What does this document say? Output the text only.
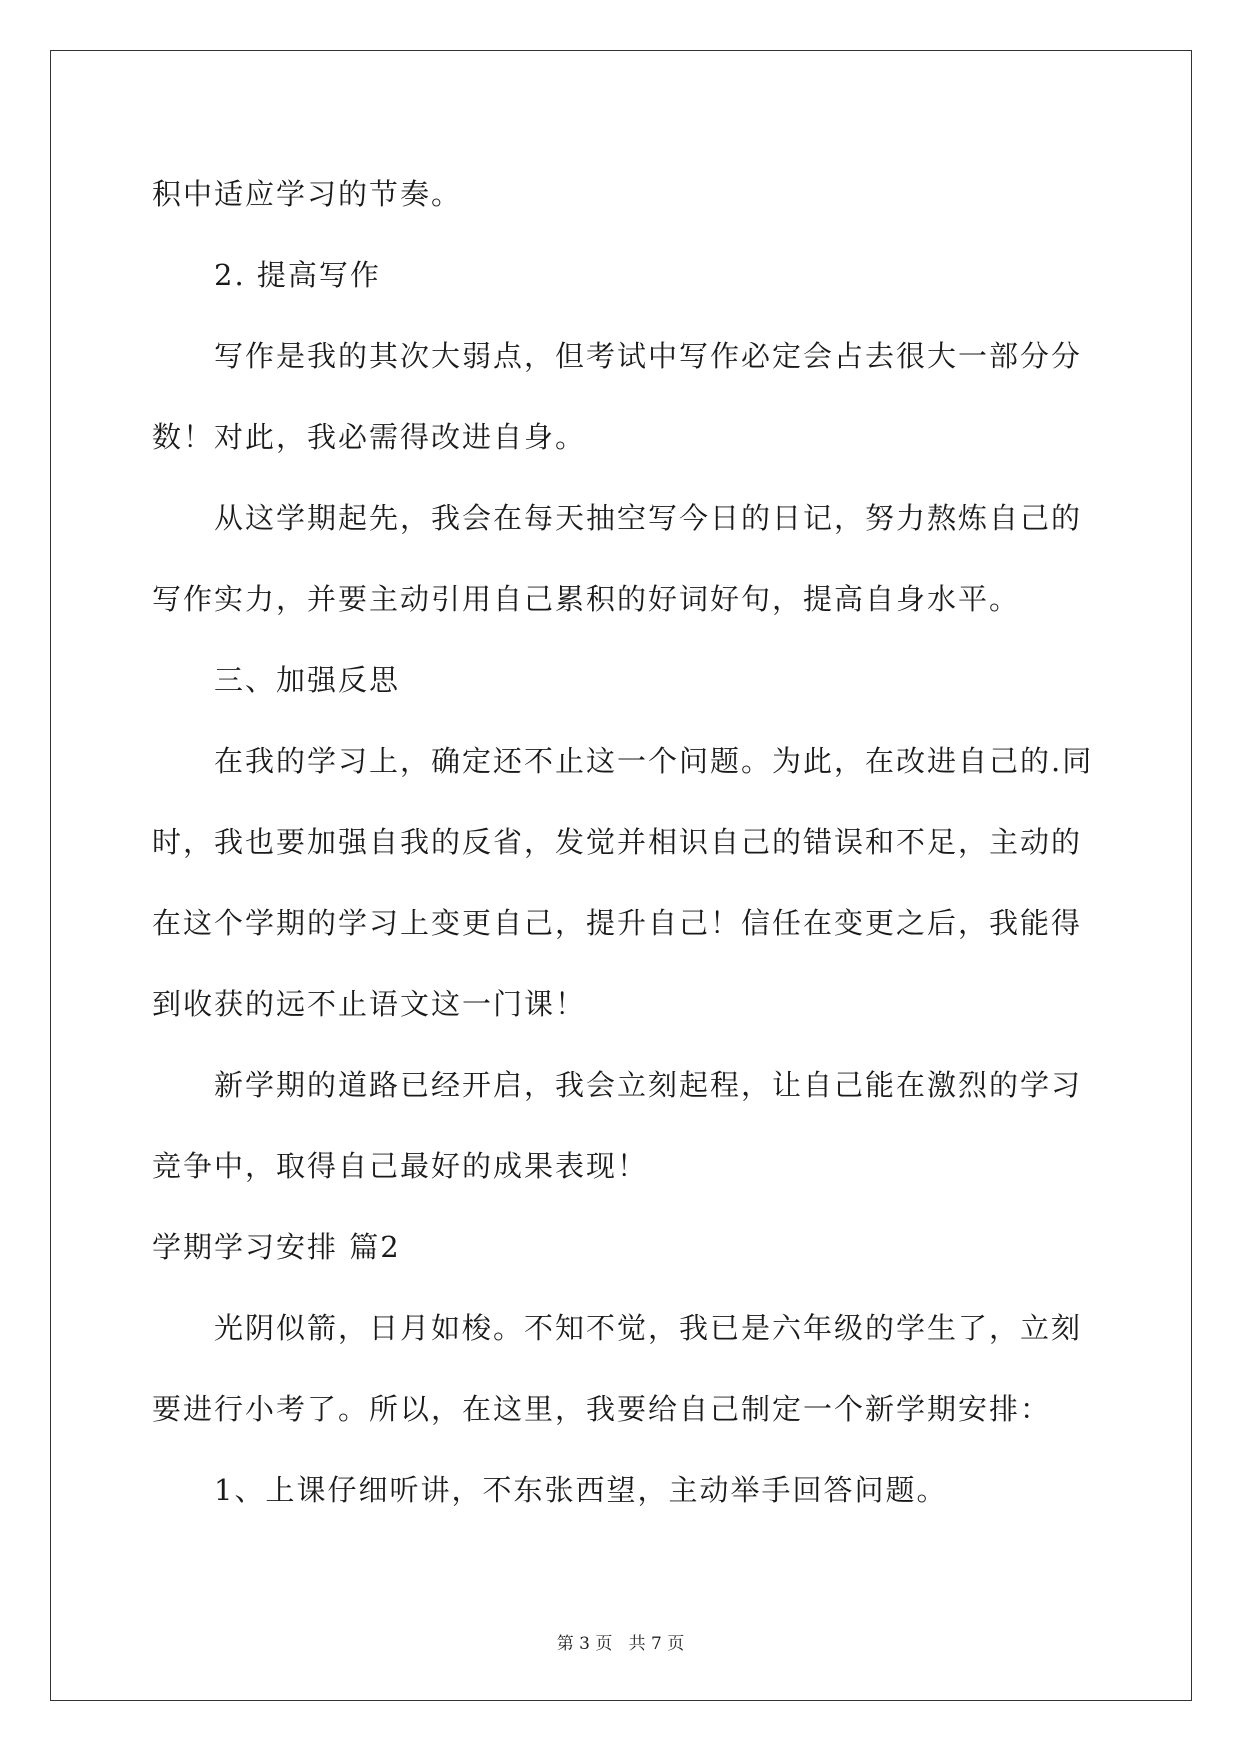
积中适应学习的节奏。
2. 提高写作
写作是我的其次大弱点，但考试中写作必定会占去很大一部分分
数！对此，我必需得改进自身。
从这学期起先，我会在每天抽空写今日的日记，努力熬炼自己的
写作实力，并要主动引用自己累积的好词好句，提高自身水平。
三、加强反思
在我的学习上，确定还不止这一个问题。为此，在改进自己的.同
时，我也要加强自我的反省，发觉并相识自己的错误和不足，主动的
在这个学期的学习上变更自己，提升自己！信任在变更之后，我能得
到收获的远不止语文这一门课！
新学期的道路已经开启，我会立刻起程，让自己能在激烈的学习
竞争中，取得自己最好的成果表现！
学期学习安排 篇2
光阴似箭，日月如梭。不知不觉，我已是六年级的学生了，立刻
要进行小考了。所以，在这里，我要给自己制定一个新学期安排：
1、上课仔细听讲，不东张西望，主动举手回答问题。
第 3 页   共 7 页
